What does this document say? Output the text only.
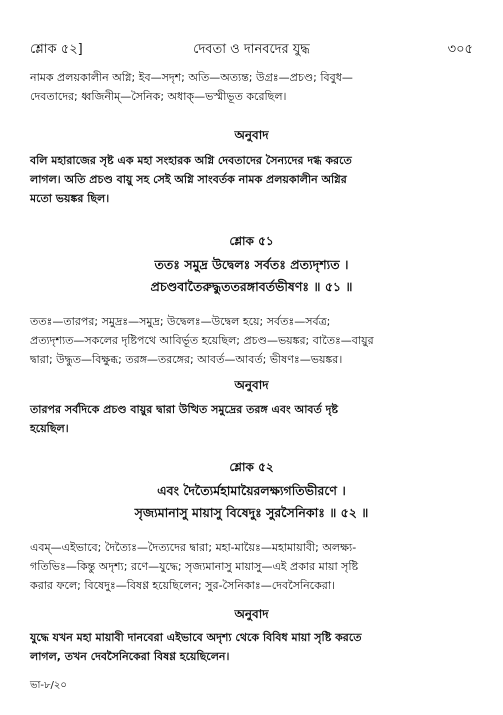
শ্লোক ৫২]	দেবতা ও দানবদের যুদ্ধ	৩০৫
নামক প্রলয়কালীন অগ্নি; ইব—সদৃশ; অতি—অত্যন্ত; উগ্রঃ—প্রচণ্ড; বিবুধ—
দেবতাদের; ধ্বজিনীম্—সৈনিক; অধাক্—ভস্মীভূত করেছিল।
অনুবাদ
বলি মহারাজের সৃষ্ট এক মহা সংহারক অগ্নি দেবতাদের সৈন্যদের দগ্ধ করতে
লাগল। অতি প্রচণ্ড বায়ু সহ সেই অগ্নি সাংবর্তক নামক প্রলয়কালীন অগ্নির
মতো ভয়ঙ্কর ছিল।
শ্লোক ৫১
ততঃ সমুদ্র উদ্বেলঃ সর্বতঃ প্রত্যদৃশ্যত ।
প্রচণ্ডবাতৈরুদ্ধুততরঙ্গাবর্তভীষণঃ ॥ ৫১ ॥
ততঃ—তারপর; সমুদ্রঃ—সমুদ্র; উদ্বেলঃ—উদ্বেল হয়ে; সর্বতঃ—সর্বত্র;
প্রত্যদৃশ্যত—সকলের দৃষ্টিপথে আবির্ভূত হয়েছিল; প্রচণ্ড—ভয়ঙ্কর; বাতৈঃ—বায়ুর
দ্বারা; উদ্ধুত—বিক্ষুব্ধ; তরঙ্গ—তরঙ্গের; আবর্ত—আবর্ত; ভীষণঃ—ভয়ঙ্কর।
অনুবাদ
তারপর সর্বদিকে প্রচণ্ড বায়ুর দ্বারা উত্থিত সমুদ্রের তরঙ্গ এবং আবর্ত দৃষ্ট
হয়েছিল।
শ্লোক ৫২
এবং দৈত্যৈর্মহামায়ৈরলক্ষ্যগতিভীরণে ।
সৃজ্যমানাসু মায়াসু বিষেদুঃ সুরসৈনিকাঃ ॥ ৫২ ॥
এবম্—এইভাবে; দৈত্যৈঃ—দৈত্যদের দ্বারা; মহা-মায়ৈঃ—মহামায়াবী; অলক্ষ্য-
গতিভিঃ—কিন্তু অদৃশ্য; রণে—যুদ্ধে; সৃজ্যমানাসু মায়াসু—এই প্রকার মায়া সৃষ্টি
করার ফলে; বিষেদুঃ—বিষণ্ণ হয়েছিলেন; সুর-সৈনিকাঃ—দেবসৈনিকেরা।
অনুবাদ
যুদ্ধে যখন মহা মায়াবী দানবেরা এইভাবে অদৃশ্য থেকে বিবিধ মায়া সৃষ্টি করতে
লাগল, তখন দেবসৈনিকেরা বিষণ্ণ হয়েছিলেন।
ভা-৮/২০
